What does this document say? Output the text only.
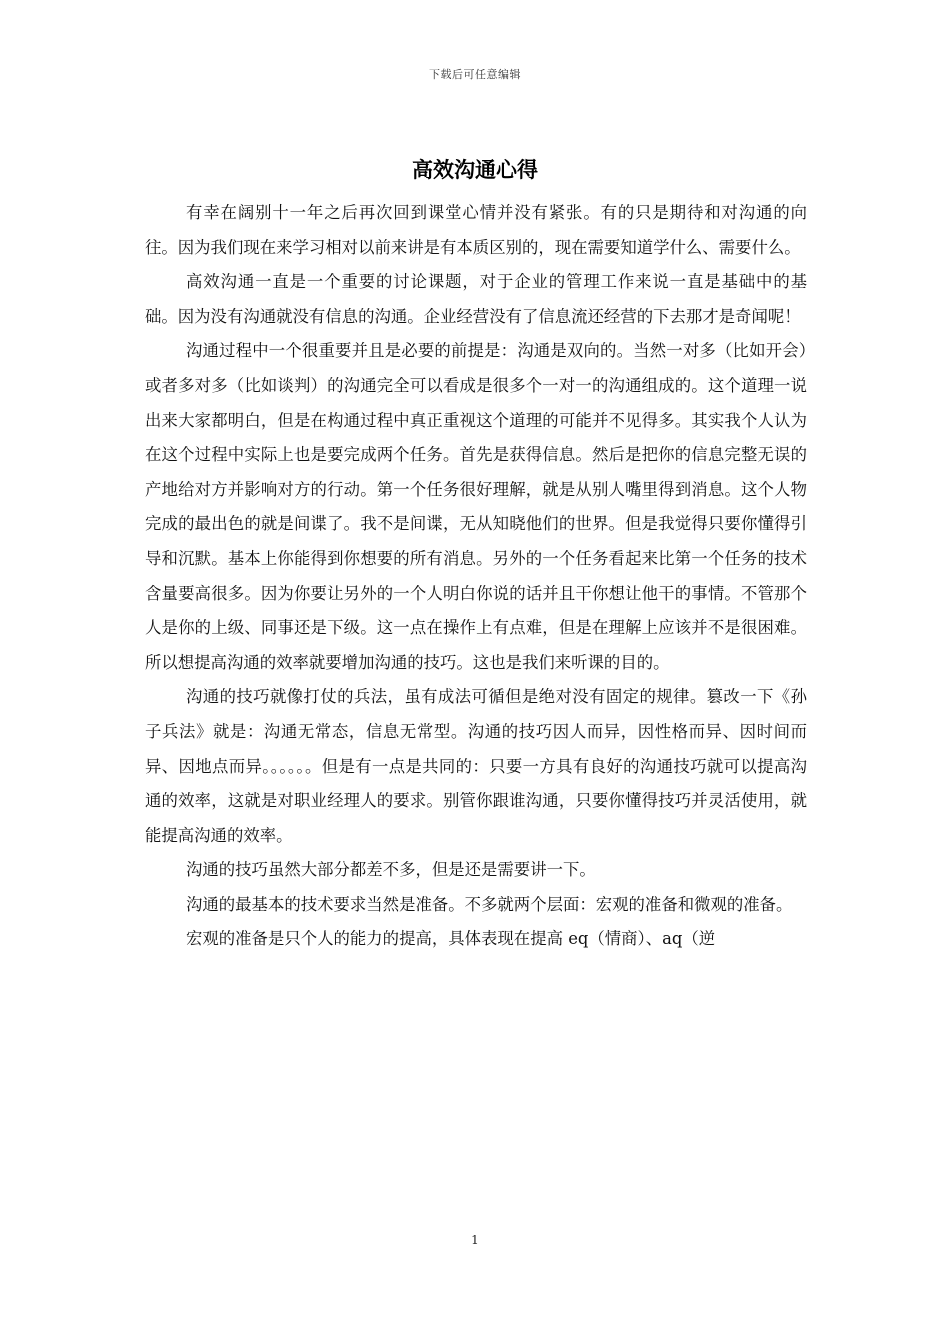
下载后可任意编辑
高效沟通心得

有幸在阔别十一年之后再次回到课堂心情并没有紧张。有的只是期待和对沟通的向往。因为我们现在来学习相对以前来讲是有本质区别的，现在需要知道学什么、需要什么。

高效沟通一直是一个重要的讨论课题，对于企业的管理工作来说一直是基础中的基础。因为没有沟通就没有信息的沟通。企业经营没有了信息流还经营的下去那才是奇闻呢！

沟通过程中一个很重要并且是必要的前提是：沟通是双向的。当然一对多（比如开会）或者多对多（比如谈判）的沟通完全可以看成是很多个一对一的沟通组成的。这个道理一说出来大家都明白，但是在构通过程中真正重视这个道理的可能并不见得多。其实我个人认为在这个过程中实际上也是要完成两个任务。首先是获得信息。然后是把你的信息完整无误的产地给对方并影响对方的行动。第一个任务很好理解，就是从别人嘴里得到消息。这个人物完成的最出色的就是间谍了。我不是间谍，无从知晓他们的世界。但是我觉得只要你懂得引导和沉默。基本上你能得到你想要的所有消息。另外的一个任务看起来比第一个任务的技术含量要高很多。因为你要让另外的一个人明白你说的话并且干你想让他干的事情。不管那个人是你的上级、同事还是下级。这一点在操作上有点难，但是在理解上应该并不是很困难。所以想提高沟通的效率就要增加沟通的技巧。这也是我们来听课的目的。

沟通的技巧就像打仗的兵法，虽有成法可循但是绝对没有固定的规律。篡改一下《孙子兵法》就是：沟通无常态，信息无常型。沟通的技巧因人而异，因性格而异、因时间而异、因地点而异。。。。。。但是有一点是共同的：只要一方具有良好的沟通技巧就可以提高沟通的效率，这就是对职业经理人的要求。别管你跟谁沟通，只要你懂得技巧并灵活使用，就能提高沟通的效率。

沟通的技巧虽然大部分都差不多，但是还是需要讲一下。

沟通的最基本的技术要求当然是准备。不多就两个层面：宏观的准备和微观的准备。

宏观的准备是只个人的能力的提高，具体表现在提高 eq（情商）、aq（逆

1
